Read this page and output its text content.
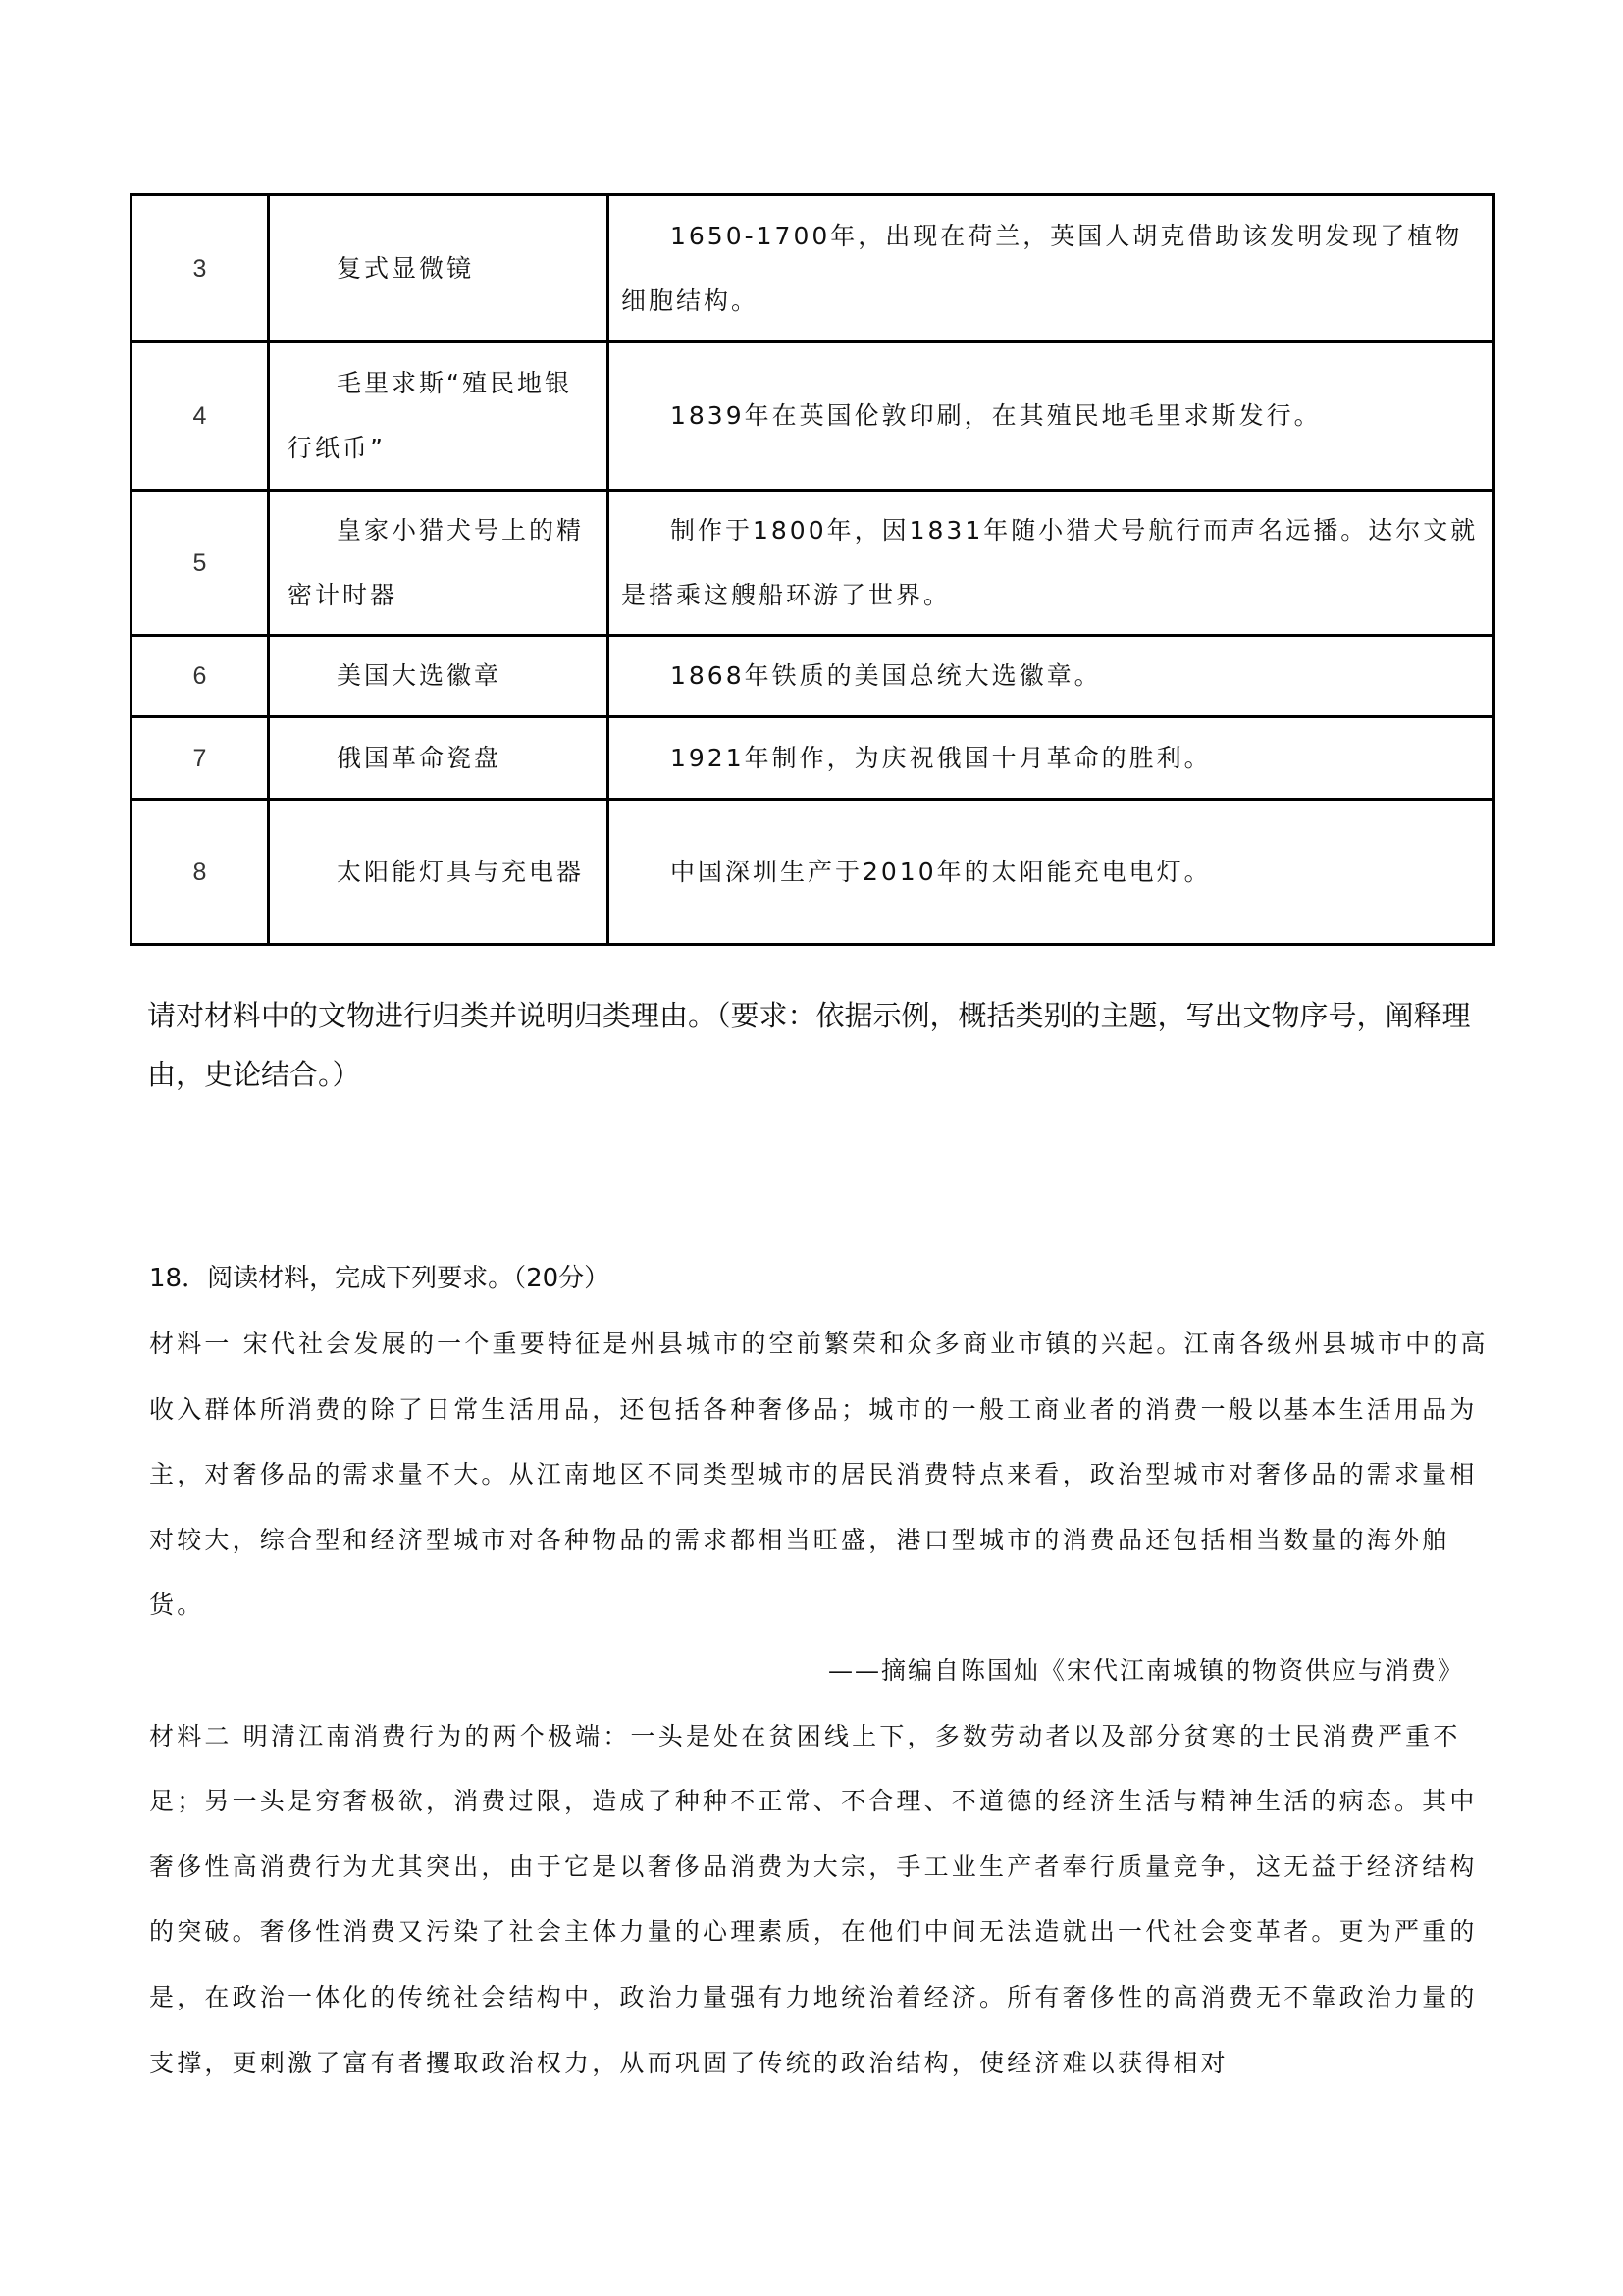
3	复式显微镜	1650-1700年，出现在荷兰，英国人胡克借助该发明发现了植物细胞结构。

4	毛里求斯“殖民地银行纸币”	1839年在英国伦敦印刷，在其殖民地毛里求斯发行。

5	皇家小猎犬号上的精密计时器	制作于1800年，因1831年随小猎犬号航行而声名远播。达尔文就是搭乘这艘船环游了世界。

6	美国大选徽章	1868年铁质的美国总统大选徽章。

7	俄国革命瓷盘	1921年制作，为庆祝俄国十月革命的胜利。

8	太阳能灯具与充电器	中国深圳生产于2010年的太阳能充电电灯。
请对材料中的文物进行归类并说明归类理由。（要求：依据示例，概括类别的主题，写出文物序号，阐释理由，史论结合。）
18．阅读材料，完成下列要求。（20分）
材料一 宋代社会发展的一个重要特征是州县城市的空前繁荣和众多商业市镇的兴起。江南各级州县城市中的高收入群体所消费的除了日常生活用品，还包括各种奢侈品；城市的一般工商业者的消费一般以基本生活用品为主，对奢侈品的需求量不大。从江南地区不同类型城市的居民消费特点来看，政治型城市对奢侈品的需求量相对较大，综合型和经济型城市对各种物品的需求都相当旺盛，港口型城市的消费品还包括相当数量的海外舶货。
——摘编自陈国灿《宋代江南城镇的物资供应与消费》
材料二 明清江南消费行为的两个极端：一头是处在贫困线上下，多数劳动者以及部分贫寒的士民消费严重不足；另一头是穷奢极欲，消费过限，造成了种种不正常、不合理、不道德的经济生活与精神生活的病态。其中奢侈性高消费行为尤其突出，由于它是以奢侈品消费为大宗，手工业生产者奉行质量竞争，这无益于经济结构的突破。奢侈性消费又污染了社会主体力量的心理素质，在他们中间无法造就出一代社会变革者。更为严重的是，在政治一体化的传统社会结构中，政治力量强有力地统治着经济。所有奢侈性的高消费无不靠政治力量的支撑，更刺激了富有者攫取政治权力，从而巩固了传统的政治结构，使经济难以获得相对
